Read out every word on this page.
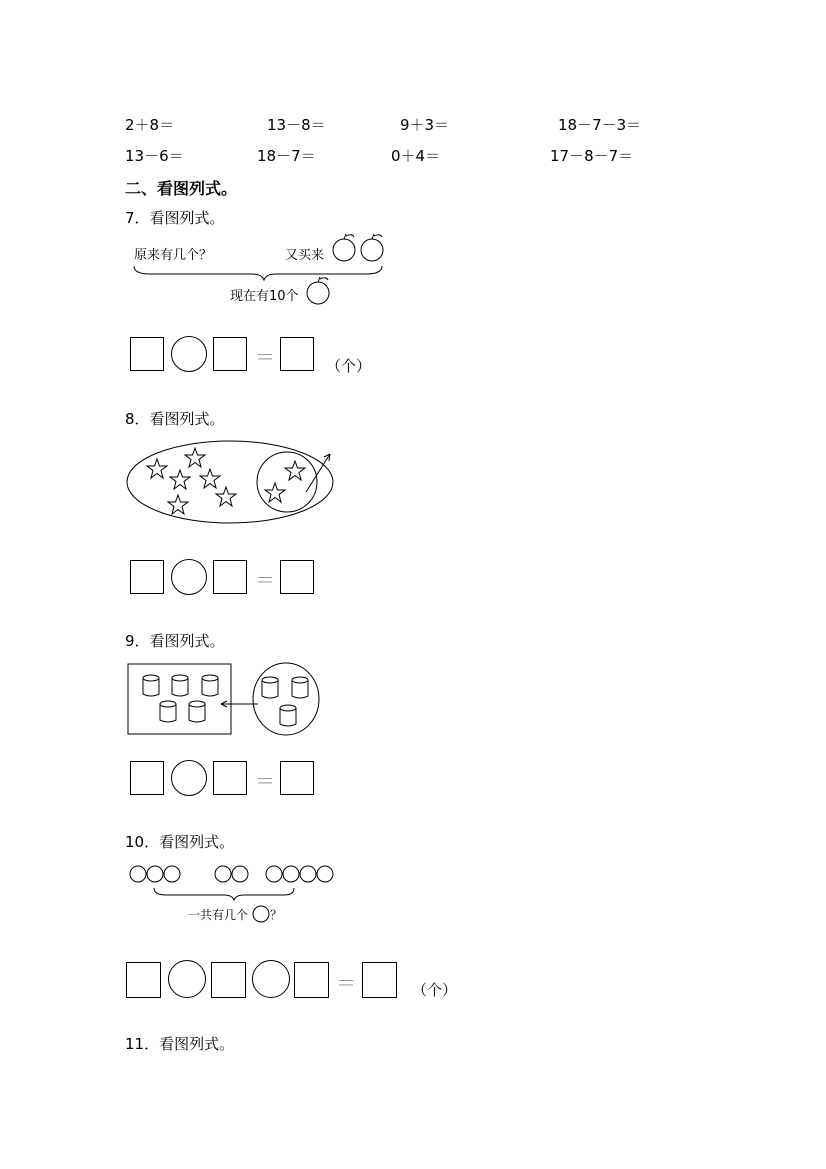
2＋8＝	13－8＝	9＋3＝	18－7－3＝
13－6＝	18－7＝	0＋4＝	17－8－7＝
二、看图列式。
7．看图列式。
原来有几个？	又买来
现在有10个
＝	（个）
8．看图列式。
＝
9．看图列式。
＝
10．看图列式。
一共有几个 ？
＝	（个）
11．看图列式。
